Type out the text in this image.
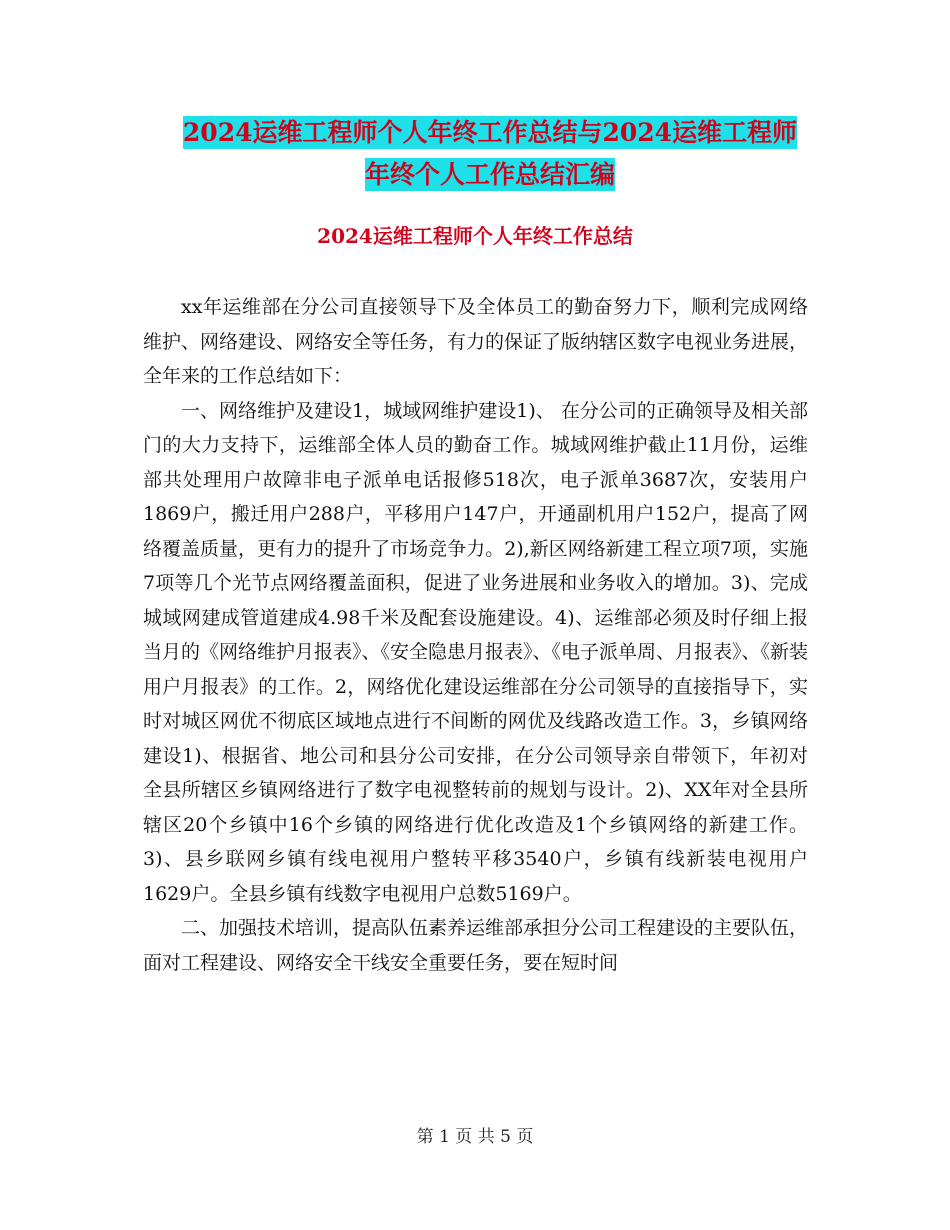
2024运维工程师个人年终工作总结与2024运维工程师
年终个人工作总结汇编
2024运维工程师个人年终工作总结

xx年运维部在分公司直接领导下及全体员工的勤奋努力下，顺利完成网络维护、网络建设、网络安全等任务，有力的保证了版纳辖区数字电视业务进展，全年来的工作总结如下：

一、网络维护及建设1，城域网维护建设1)、 在分公司的正确领导及相关部门的大力支持下，运维部全体人员的勤奋工作。城域网维护截止11月份，运维部共处理用户故障非电子派单电话报修518次，电子派单3687次，安装用户1869户，搬迁用户288户，平移用户147户，开通副机用户152户，提高了网络覆盖质量，更有力的提升了市场竞争力。2),新区网络新建工程立项7项，实施7项等几个光节点网络覆盖面积，促进了业务进展和业务收入的增加。3)、完成城域网建成管道建成4.98千米及配套设施建设。4)、运维部必须及时仔细上报当月的《网络维护月报表》、《安全隐患月报表》、《电子派单周、月报表》、《新装用户月报表》的工作。2，网络优化建设运维部在分公司领导的直接指导下，实时对城区网优不彻底区域地点进行不间断的网优及线路改造工作。3，乡镇网络建设1)、根据省、地公司和县分公司安排，在分公司领导亲自带领下，年初对全县所辖区乡镇网络进行了数字电视整转前的规划与设计。2)、XX年对全县所辖区20个乡镇中16个乡镇的网络进行优化改造及1个乡镇网络的新建工作。3)、县乡联网乡镇有线电视用户整转平移3540户，乡镇有线新装电视用户1629户。全县乡镇有线数字电视用户总数5169户。

二、加强技术培训，提高队伍素养运维部承担分公司工程建设的主要队伍，面对工程建设、网络安全干线安全重要任务，要在短时间

第 1 页 共 5 页
